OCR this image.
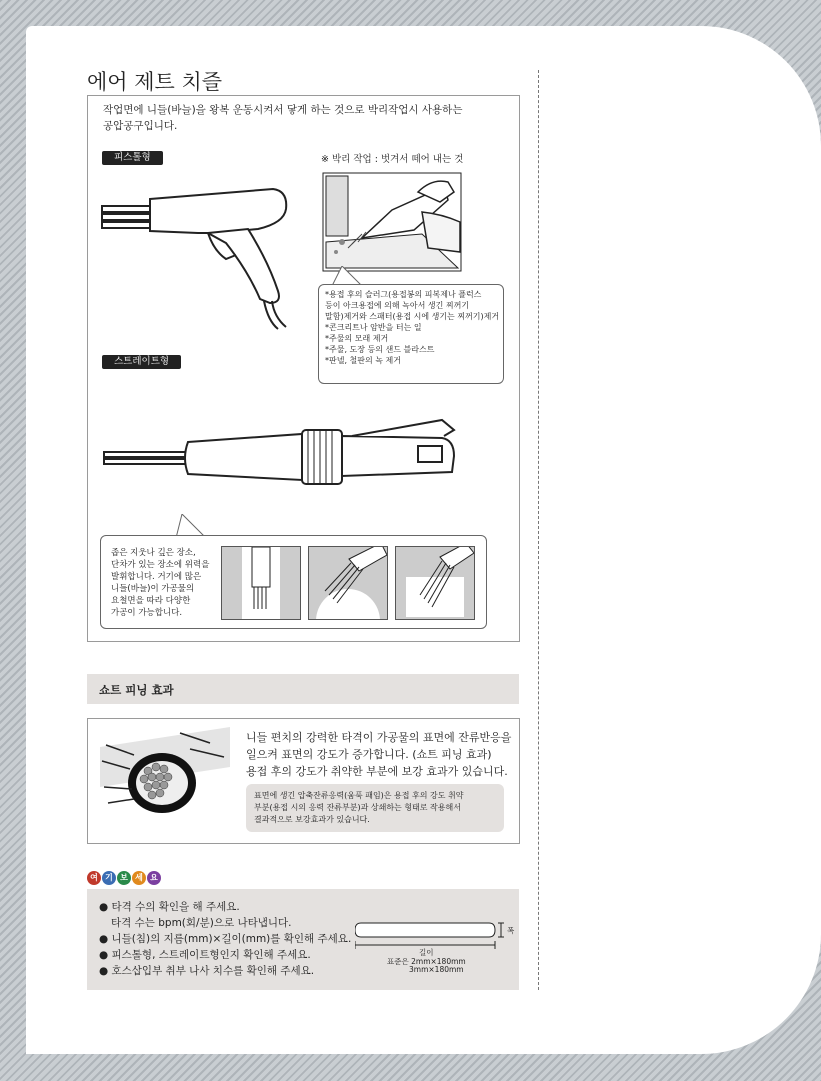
에어 제트 치즐
작업면에 니들(바늘)을 왕복 운동시켜서 닿게 하는 것으로 박리작업시 사용하는
공압공구입니다.
피스톨형	※ 박리 작업 : 벗겨서 떼어 내는 것
스트레이트형
*용접 후의 슬러그(용접봉의 피복제나 플럭스
등이 아크용접에 의해 녹아서 생긴 찌꺼기
말함)제거와 스패터(용접 시에 생기는 찌꺼기)제거
*콘크리트나 암반을 터는 일
*주물의 모래 제거
*주물, 도장 등의 샌드 블라스트
*판넬, 철판의 녹 제거
좁은 지웃나 깊은 장소,
단차가 있는 장소에 위력을
발휘합니다. 거기에 많은
니들(바늘)이 가공물의
요철면을 따라 다양한
가공이 가능합니다.
쇼트 피닝 효과
니들 편치의 강력한 타격이 가공물의 표면에 잔류반응을
일으켜 표면의 강도가 증가합니다. (쇼트 피닝 효과)
용접 후의 강도가 취약한 부분에 보강 효과가 있습니다.
표면에 생긴 압축잔류응력(움푹 패임)은 용접 후의 강도 취약
부분(용접 시의 응력 잔류부분)과 상쇄하는 형태로 작용해서
결과적으로 보강효과가 있습니다.
여 기 보 세 요
● 타격 수의 확인을 해 주세요.
타격 수는 bpm(회/분)으로 나타냅니다.
● 니들(침)의 지름(mm)×길이(mm)를 확인해 주세요.
● 피스톨형, 스트레이트형인지 확인해 주세요.
● 호스삽입부 취부 나사 치수를 확인해 주세요.
폭
길이
표준은 2mm×180mm
3mm×180mm
